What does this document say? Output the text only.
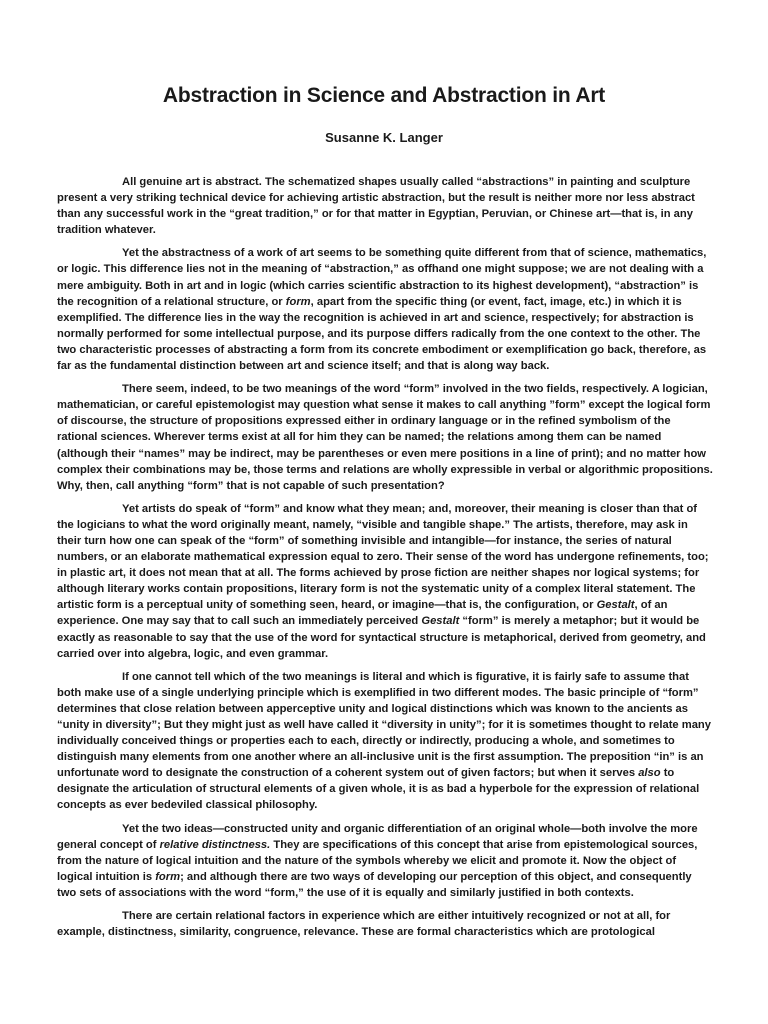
Abstraction in Science and Abstraction in Art
Susanne K. Langer

All genuine art is abstract. The schematized shapes usually called “abstractions” in painting and sculpture present a very striking technical device for achieving artistic abstraction, but the result is neither more nor less abstract than any successful work in the “great tradition,” or for that matter in Egyptian, Peruvian, or Chinese art—that is, in any tradition whatever.

Yet the abstractness of a work of art seems to be something quite different from that of science, mathematics, or logic. This difference lies not in the meaning of “abstraction,” as offhand one might suppose; we are not dealing with a mere ambiguity. Both in art and in logic (which carries scientific abstraction to its highest development), “abstraction” is the recognition of a relational structure, or form, apart from the specific thing (or event, fact, image, etc.) in which it is exemplified. The difference lies in the way the recognition is achieved in art and science, respectively; for abstraction is normally performed for some intellectual purpose, and its purpose differs radically from the one context to the other. The two characteristic processes of abstracting a form from its concrete embodiment or exemplification go back, therefore, as far as the fundamental distinction between art and science itself; and that is along way back.

There seem, indeed, to be two meanings of the word “form” involved in the two fields, respectively. A logician, mathematician, or careful epistemologist may question what sense it makes to call anything ”form” except the logical form of discourse, the structure of propositions expressed either in ordinary language or in the refined symbolism of the rational sciences. Wherever terms exist at all for him they can be named; the relations among them can be named (although their “names” may be indirect, may be parentheses or even mere positions in a line of print); and no matter how complex their combinations may be, those terms and relations are wholly expressible in verbal or algorithmic propositions. Why, then, call anything “form” that is not capable of such presentation?

Yet artists do speak of “form” and know what they mean; and, moreover, their meaning is closer than that of the logicians to what the word originally meant, namely, “visible and tangible shape.” The artists, therefore, may ask in their turn how one can speak of the “form” of something invisible and intangible—for instance, the series of natural numbers, or an elaborate mathematical expression equal to zero. Their sense of the word has undergone refinements, too; in plastic art, it does not mean that at all. The forms achieved by prose fiction are neither shapes nor logical systems; for although literary works contain propositions, literary form is not the systematic unity of a complex literal statement. The artistic form is a perceptual unity of something seen, heard, or imagine—that is, the configuration, or Gestalt, of an experience. One may say that to call such an immediately perceived Gestalt “form” is merely a metaphor; but it would be exactly as reasonable to say that the use of the word for syntactical structure is metaphorical, derived from geometry, and carried over into algebra, logic, and even grammar.

If one cannot tell which of the two meanings is literal and which is figurative, it is fairly safe to assume that both make use of a single underlying principle which is exemplified in two different modes. The basic principle of “form” determines that close relation between apperceptive unity and logical distinctions which was known to the ancients as “unity in diversity”; But they might just as well have called it “diversity in unity”; for it is sometimes thought to relate many individually conceived things or properties each to each, directly or indirectly, producing a whole, and sometimes to distinguish many elements from one another where an all-inclusive unit is the first assumption. The preposition “in” is an unfortunate word to designate the construction of a coherent system out of given factors; but when it serves also to designate the articulation of structural elements of a given whole, it is as bad a hyperbole for the expression of relational concepts as ever bedeviled classical philosophy.

Yet the two ideas—constructed unity and organic differentiation of an original whole—both involve the more general concept of relative distinctness. They are specifications of this concept that arise from epistemological sources, from the nature of logical intuition and the nature of the symbols whereby we elicit and promote it. Now the object of logical intuition is form; and although there are two ways of developing our perception of this object, and consequently two sets of associations with the word “form,” the use of it is equally and similarly justified in both contexts.

There are certain relational factors in experience which are either intuitively recognized or not at all, for example, distinctness, similarity, congruence, relevance. These are formal characteristics which are protological
